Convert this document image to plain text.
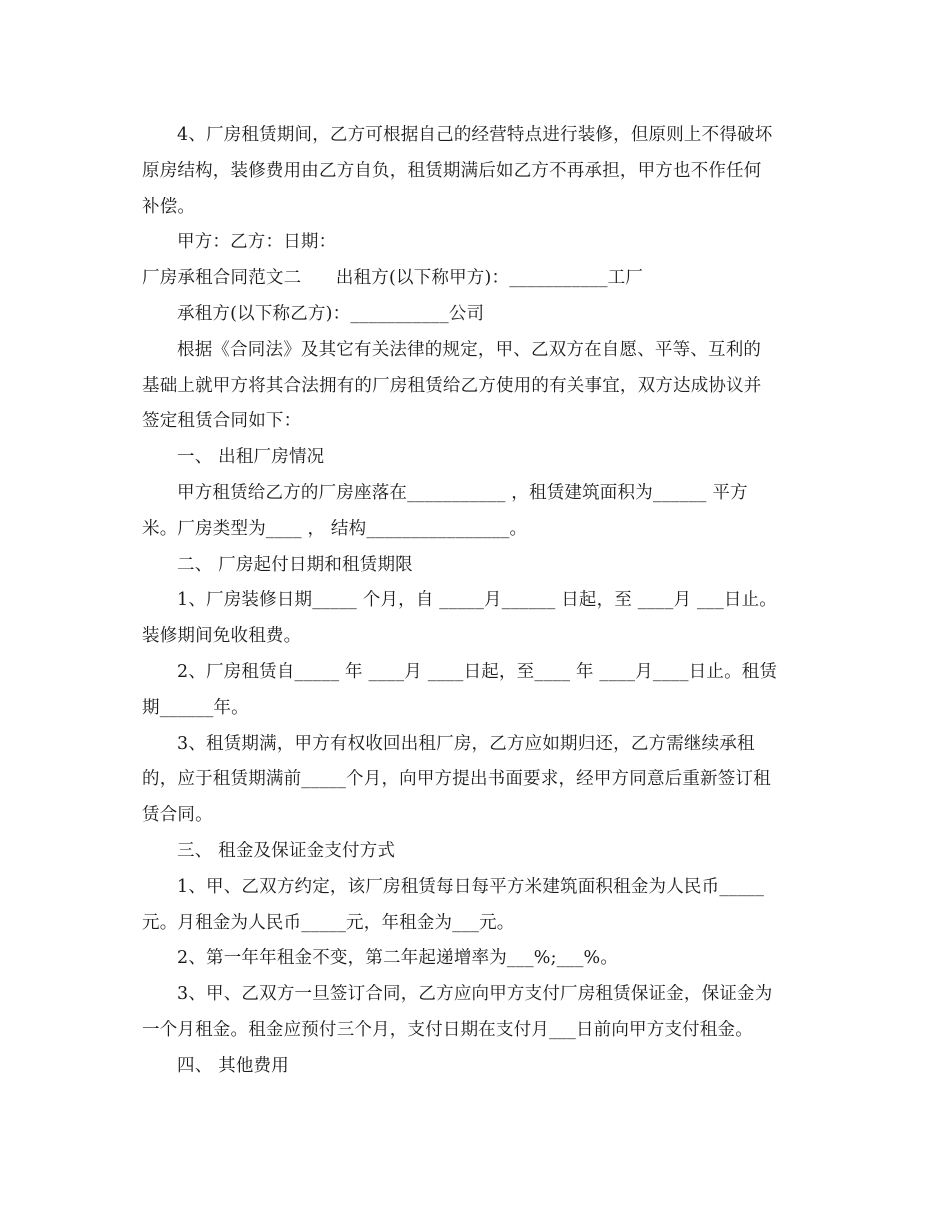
4、厂房租赁期间，乙方可根据自己的经营特点进行装修，但原则上不得破坏
原房结构，装修费用由乙方自负，租赁期满后如乙方不再承担，甲方也不作任何
补偿。
甲方：乙方：日期：
厂房承租合同范文二      出租方(以下称甲方)：___________工厂
承租方(以下称乙方)：___________公司
根据《合同法》及其它有关法律的规定，甲、乙双方在自愿、平等、互利的
基础上就甲方将其合法拥有的厂房租赁给乙方使用的有关事宜，双方达成协议并
签定租赁合同如下：
一、 出租厂房情况
甲方租赁给乙方的厂房座落在___________ ，租赁建筑面积为______ 平方
米。厂房类型为____ ， 结构________________。
二、 厂房起付日期和租赁期限
1、厂房装修日期_____ 个月，自 _____月______ 日起，至 ____月 ___日止。
装修期间免收租费。
2、厂房租赁自_____ 年 ____月 ____日起，至____ 年 ____月____日止。租赁
期______年。
3、租赁期满，甲方有权收回出租厂房，乙方应如期归还，乙方需继续承租
的，应于租赁期满前_____个月，向甲方提出书面要求，经甲方同意后重新签订租
赁合同。
三、 租金及保证金支付方式
1、甲、乙双方约定，该厂房租赁每日每平方米建筑面积租金为人民币_____
元。月租金为人民币_____元，年租金为___元。
2、第一年年租金不变，第二年起递增率为___%;___%。
3、甲、乙双方一旦签订合同，乙方应向甲方支付厂房租赁保证金，保证金为
一个月租金。租金应预付三个月，支付日期在支付月___日前向甲方支付租金。
四、 其他费用
